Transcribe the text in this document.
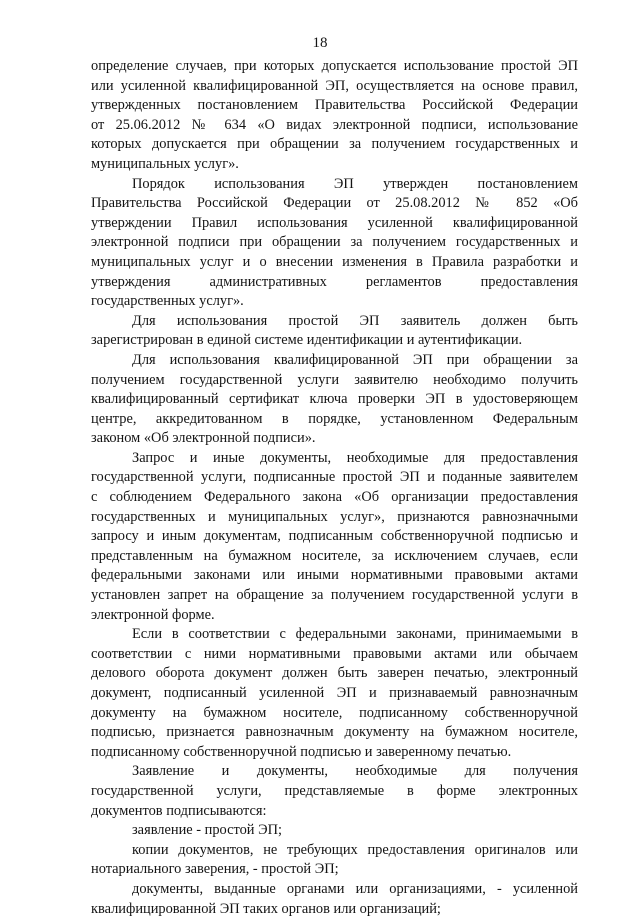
18
определение случаев, при которых допускается использование простой ЭП
или усиленной квалифицированной ЭП, осуществляется на основе правил,
утвержденных постановлением Правительства Российской Федерации
от 25.06.2012 № 634 «О видах электронной подписи, использование
которых допускается при обращении за получением государственных и
муниципальных услуг».
Порядок использования ЭП утвержден постановлением
Правительства Российской Федерации от 25.08.2012 № 852 «Об
утверждении Правил использования усиленной квалифицированной
электронной подписи при обращении за получением государственных и
муниципальных услуг и о внесении изменения в Правила разработки и
утверждения административных регламентов предоставления
государственных услуг».
Для использования простой ЭП заявитель должен быть
зарегистрирован в единой системе идентификации и аутентификации.
Для использования квалифицированной ЭП при обращении за
получением государственной услуги заявителю необходимо получить
квалифицированный сертификат ключа проверки ЭП в удостоверяющем
центре, аккредитованном в порядке, установленном Федеральным
законом «Об электронной подписи».
Запрос и иные документы, необходимые для предоставления
государственной услуги, подписанные простой ЭП и поданные заявителем
с соблюдением Федерального закона «Об организации предоставления
государственных и муниципальных услуг», признаются равнозначными
запросу и иным документам, подписанным собственноручной подписью и
представленным на бумажном носителе, за исключением случаев, если
федеральными законами или иными нормативными правовыми актами
установлен запрет на обращение за получением государственной услуги в
электронной форме.
Если в соответствии с федеральными законами, принимаемыми в
соответствии с ними нормативными правовыми актами или обычаем
делового оборота документ должен быть заверен печатью, электронный
документ, подписанный усиленной ЭП и признаваемый равнозначным
документу на бумажном носителе, подписанному собственноручной
подписью, признается равнозначным документу на бумажном носителе,
подписанному собственноручной подписью и заверенному печатью.
Заявление и документы, необходимые для получения
государственной услуги, представляемые в форме электронных
документов подписываются:
заявление - простой ЭП;
копии документов, не требующих предоставления оригиналов или
нотариального заверения, - простой ЭП;
документы, выданные органами или организациями, - усиленной
квалифицированной ЭП таких органов или организаций;
